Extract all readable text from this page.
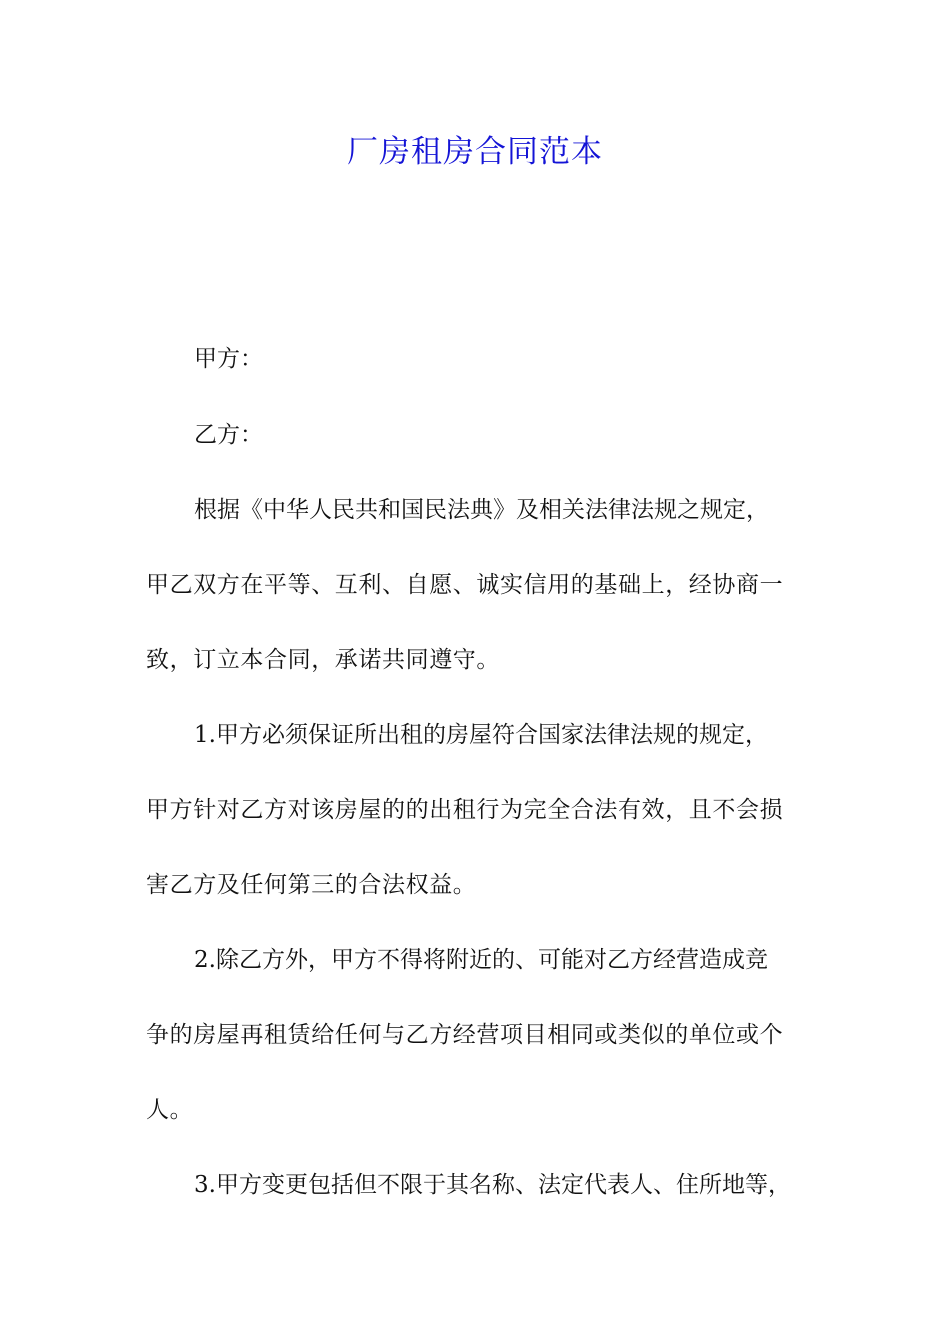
厂房租房合同范本

甲方：

乙方：

根据《中华人民共和国民法典》及相关法律法规之规定，

甲乙双方在平等、互利、自愿、诚实信用的基础上，经协商一

致，订立本合同，承诺共同遵守。

1.甲方必须保证所出租的房屋符合国家法律法规的规定，

甲方针对乙方对该房屋的的出租行为完全合法有效，且不会损

害乙方及任何第三的合法权益。

2.除乙方外，甲方不得将附近的、可能对乙方经营造成竞

争的房屋再租赁给任何与乙方经营项目相同或类似的单位或个

人。

3.甲方变更包括但不限于其名称、法定代表人、住所地等，
